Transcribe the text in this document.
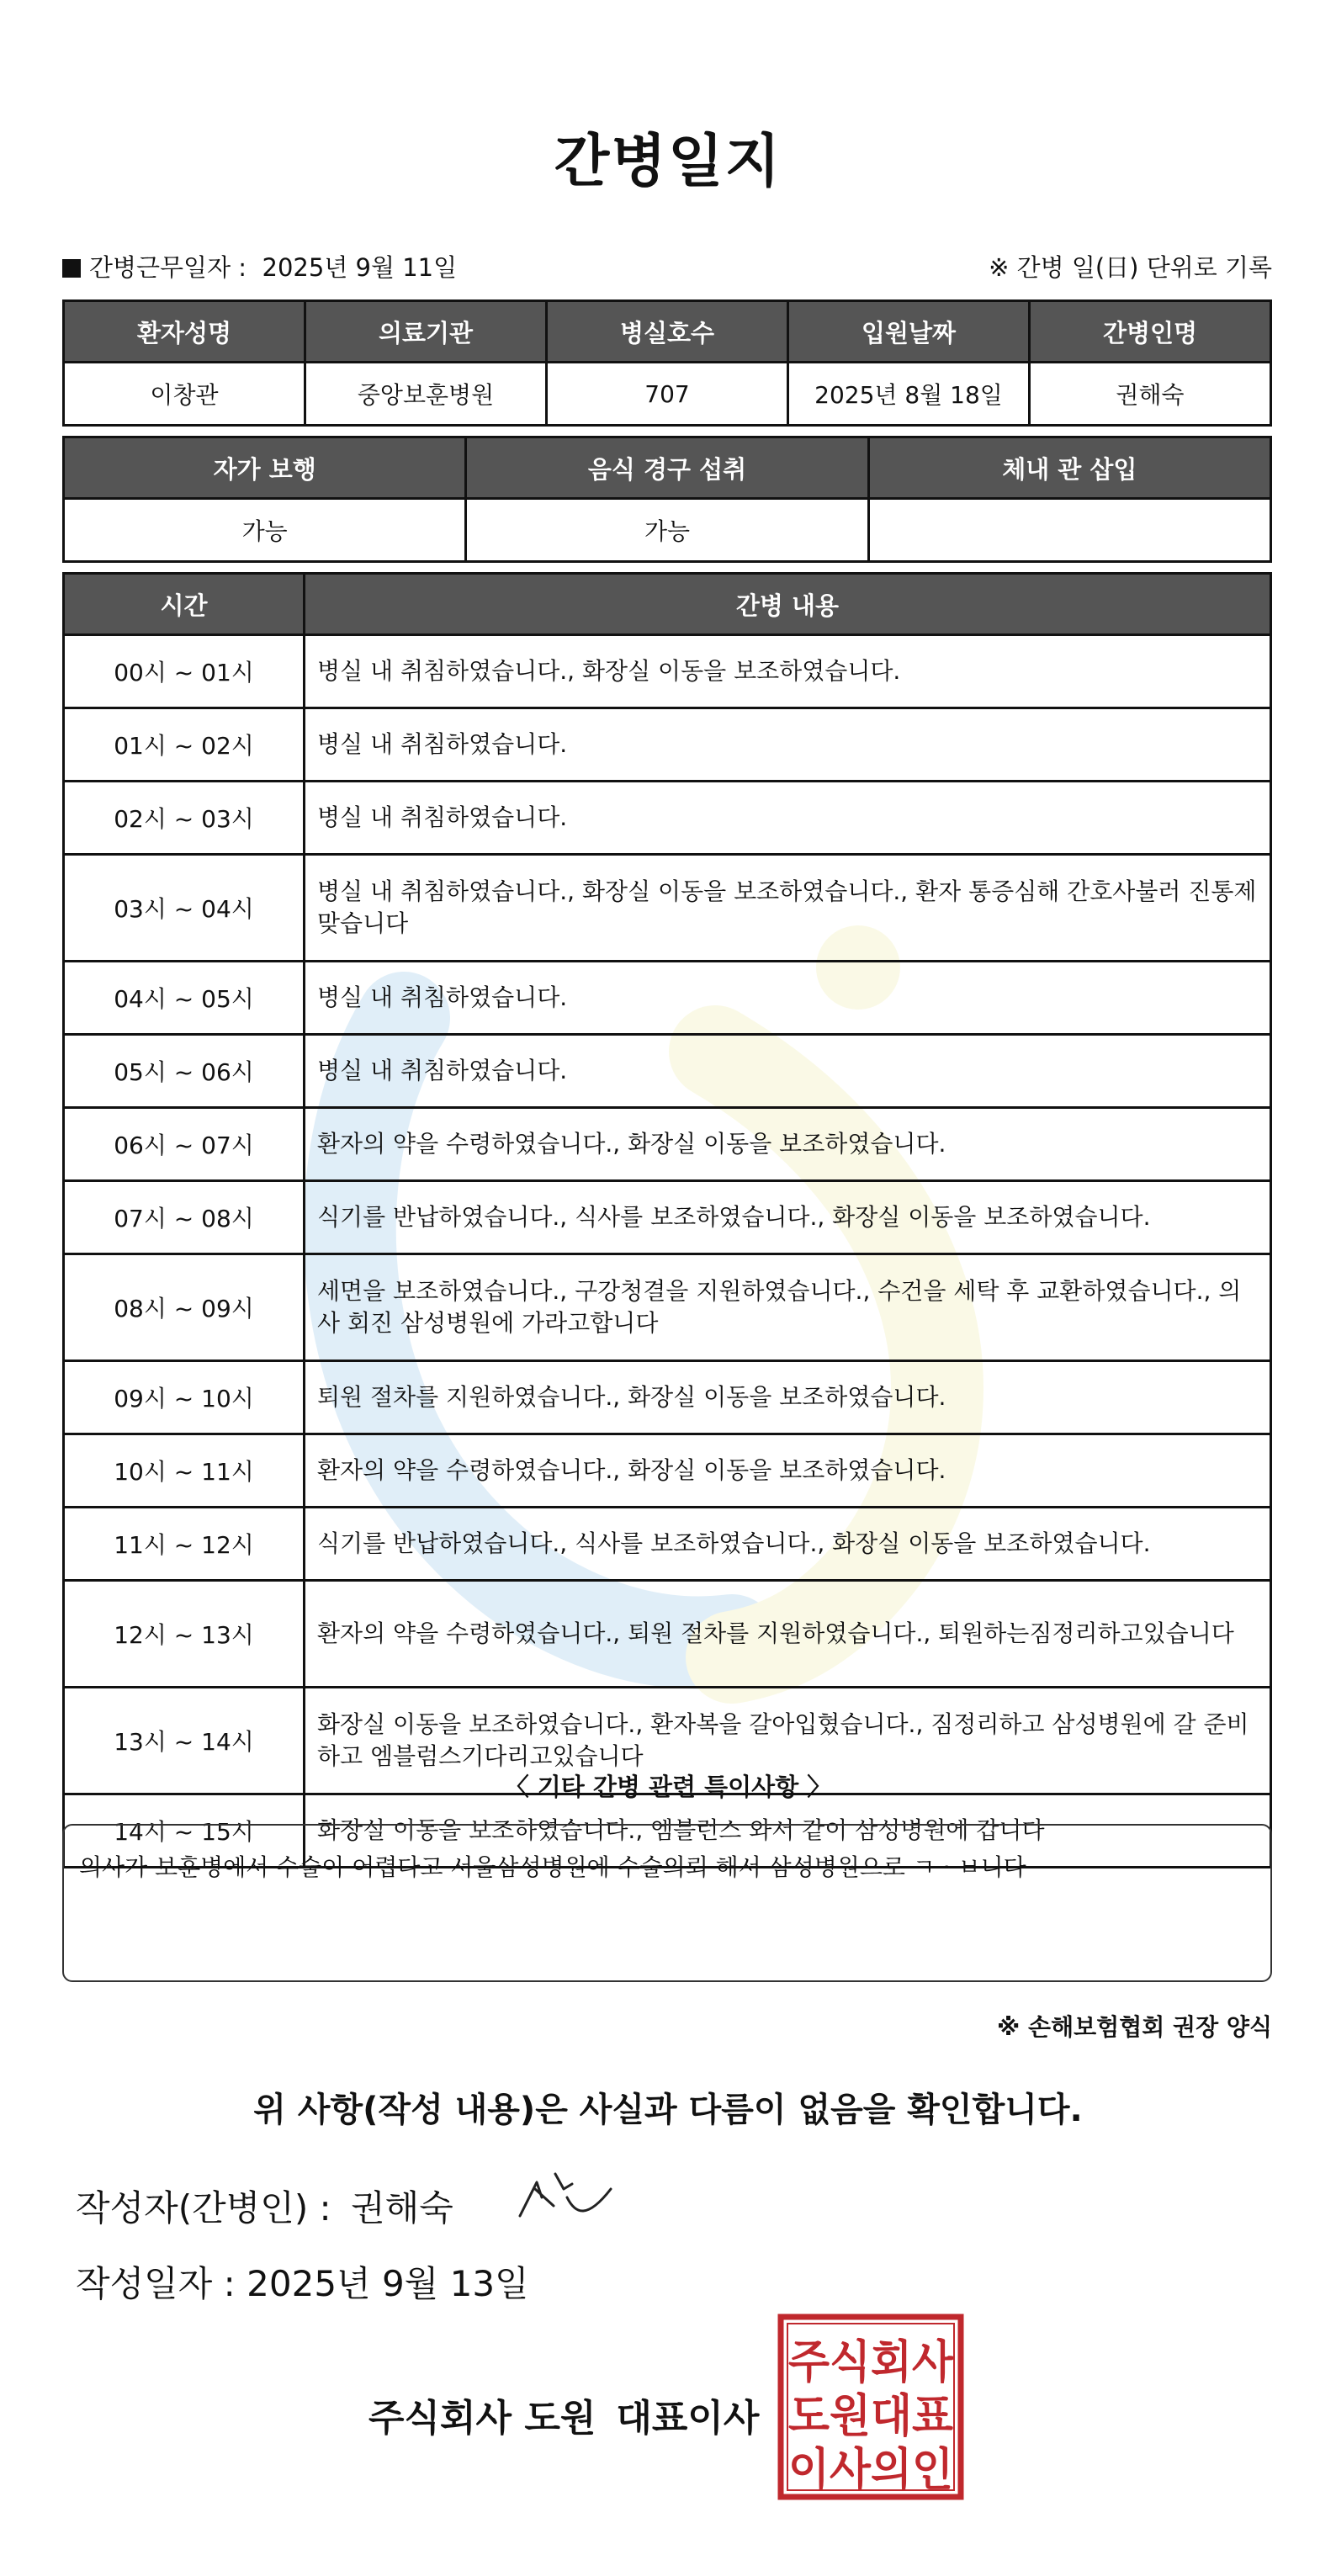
간병일지
간병근무일자 : 2025년 9월 11일	※ 간병 일(日) 단위로 기록
환자성명	의료기관	병실호수	입원날짜	간병인명
이창관	중앙보훈병원	707	2025년 8월 18일	권해숙
자가 보행	음식 경구 섭취	체내 관 삽입
가능	가능	
시간	간병 내용
00시 ~ 01시	병실 내 취침하였습니다., 화장실 이동을 보조하였습니다.
01시 ~ 02시	병실 내 취침하였습니다.
02시 ~ 03시	병실 내 취침하였습니다.
03시 ~ 04시	병실 내 취침하였습니다., 화장실 이동을 보조하였습니다., 환자 통증심해 간호사불러 진통제맞습니다
04시 ~ 05시	병실 내 취침하였습니다.
05시 ~ 06시	병실 내 취침하였습니다.
06시 ~ 07시	환자의 약을 수령하였습니다., 화장실 이동을 보조하였습니다.
07시 ~ 08시	식기를 반납하였습니다., 식사를 보조하였습니다., 화장실 이동을 보조하였습니다.
08시 ~ 09시	세면을 보조하였습니다., 구강청결을 지원하였습니다., 수건을 세탁 후 교환하였습니다., 의사 회진 삼성병원에 가라고합니다
09시 ~ 10시	퇴원 절차를 지원하였습니다., 화장실 이동을 보조하였습니다.
10시 ~ 11시	환자의 약을 수령하였습니다., 화장실 이동을 보조하였습니다.
11시 ~ 12시	식기를 반납하였습니다., 식사를 보조하였습니다., 화장실 이동을 보조하였습니다.
12시 ~ 13시	환자의 약을 수령하였습니다., 퇴원 절차를 지원하였습니다., 퇴원하는짐정리하고있습니다
13시 ~ 14시	화장실 이동을 보조하였습니다., 환자복을 갈아입혔습니다., 짐정리하고 삼성병원에 갈 준비하고 엠블럼스기다리고있습니다
14시 ~ 15시	화장실 이동을 보조하였습니다., 엠블런스 와서 같이 삼성병원에 갑니다
〈 기타 간병 관련 특이사항 〉
의사가 보훈병에서 수술이 어렵다고 서울삼성병원에 수술의뢰 해서 삼성병원으로 ㄱ · ㅂ니다
※ 손해보험협회 권장 양식
위 사항(작성 내용)은 사실과 다름이 없음을 확인합니다.
작성자(간병인) : 권해숙
작성일자 : 2025년 9월 13일
주식회사 도원 대표이사
주식회사
도원대표
이사의인
